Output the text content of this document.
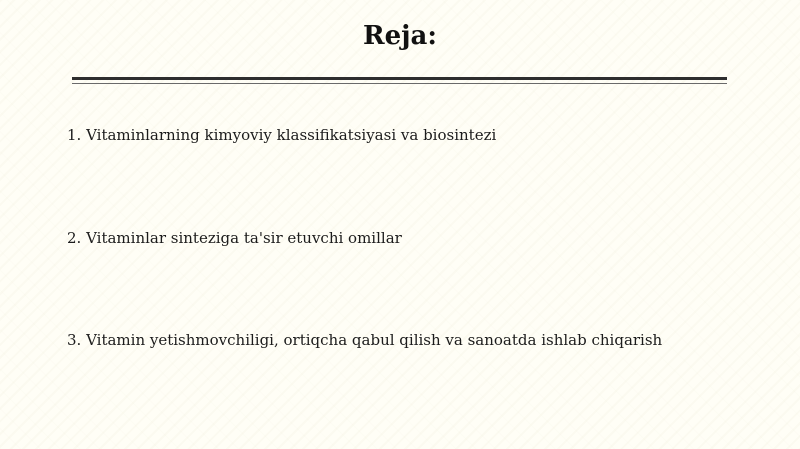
Reja:
1. Vitaminlarning kimyoviy klassifikatsiyasi va biosintezi
2. Vitaminlar sinteziga ta'sir etuvchi omillar
3. Vitamin yetishmovchiligi, ortiqcha qabul qilish va sanoatda ishlab chiqarish
